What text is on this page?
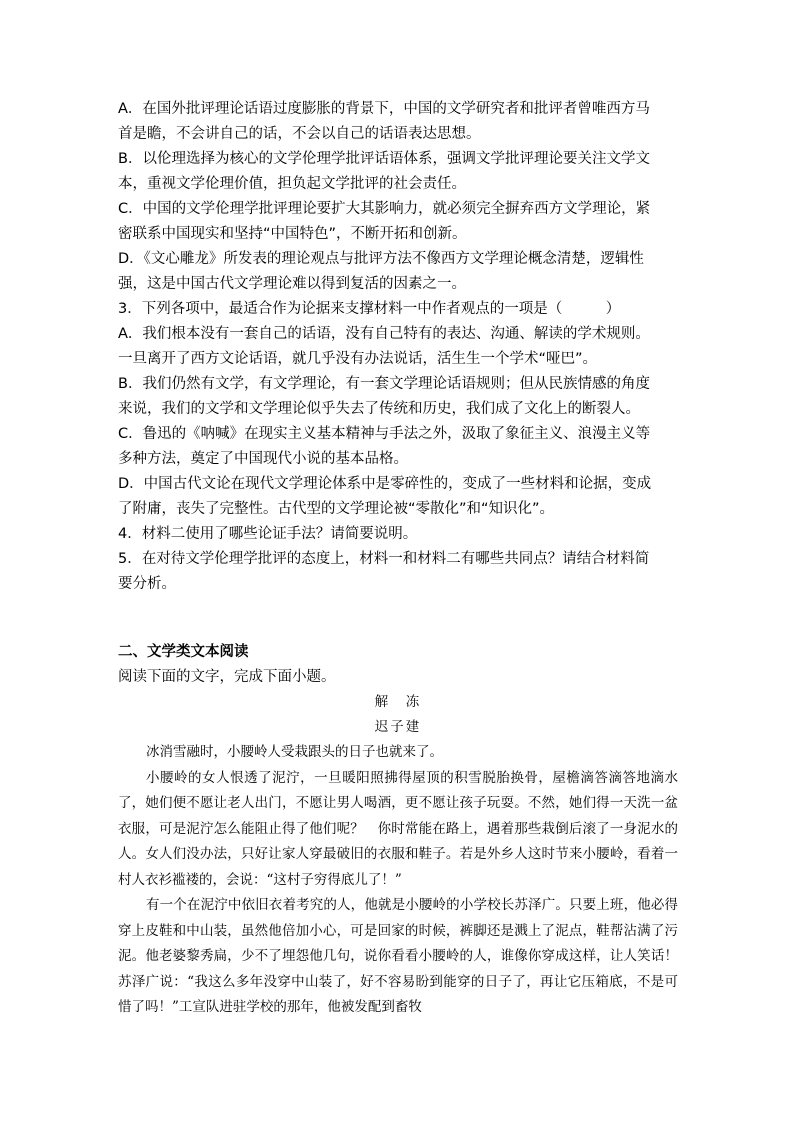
A．在国外批评理论话语过度膨胀的背景下，中国的文学研究者和批评者曾唯西方马

首是瞻，不会讲自己的话，不会以自己的话语表达思想。

B．以伦理选择为核心的文学伦理学批评话语体系，强调文学批评理论要关注文学文

本，重视文学伦理价值，担负起文学批评的社会责任。

C．中国的文学伦理学批评理论要扩大其影响力，就必须完全摒弃西方文学理论，紧

密联系中国现实和坚持“中国特色”，不断开拓和创新。

D．《文心雕龙》所发表的理论观点与批评方法不像西方文学理论概念清楚，逻辑性

强，这是中国古代文学理论难以得到复活的因素之一。

3．下列各项中，最适合作为论据来支撑材料一中作者观点的一项是（　　　）

A．我们根本没有一套自己的话语，没有自己特有的表达、沟通、解读的学术规则。

一旦离开了西方文论话语，就几乎没有办法说话，活生生一个学术“哑巴”。

B．我们仍然有文学，有文学理论，有一套文学理论话语规则；但从民族情感的角度

来说，我们的文学和文学理论似乎失去了传统和历史，我们成了文化上的断裂人。

C．鲁迅的《呐喊》在现实主义基本精神与手法之外，汲取了象征主义、浪漫主义等

多种方法，奠定了中国现代小说的基本品格。

D．中国古代文论在现代文学理论体系中是零碎性的，变成了一些材料和论据，变成

了附庸，丧失了完整性。古代型的文学理论被“零散化”和“知识化”。

4．材料二使用了哪些论证手法？请简要说明。

5．在对待文学伦理学批评的态度上，材料一和材料二有哪些共同点？请结合材料简

要分析。

二、文学类文本阅读

阅读下面的文字，完成下面小题。

解　冻

迟子建

冰消雪融时，小腰岭人受栽跟头的日子也就来了。

小腰岭的女人恨透了泥泞，一旦暖阳照拂得屋顶的积雪脱胎换骨，屋檐滴答滴答地滴水了，她们便不愿让老人出门，不愿让男人喝酒，更不愿让孩子玩耍。不然，她们得一天洗一盆衣服，可是泥泞怎么能阻止得了他们呢？　你时常能在路上，遇着那些栽倒后滚了一身泥水的人。女人们没办法，只好让家人穿最破旧的衣服和鞋子。若是外乡人这时节来小腰岭，看着一村人衣衫褴褛的，会说：“这村子穷得底儿了！”

有一个在泥泞中依旧衣着考究的人，他就是小腰岭的小学校长苏泽广。只要上班，他必得穿上皮鞋和中山装，虽然他倍加小心，可是回家的时候，裤脚还是溅上了泥点，鞋帮沾满了污泥。他老婆黎秀扁，少不了埋怨他几句，说你看看小腰岭的人，谁像你穿成这样，让人笑话！苏泽广说：“我这么多年没穿中山装了，好不容易盼到能穿的日子了，再让它压箱底，不是可惜了吗！”工宣队进驻学校的那年，他被发配到畜牧
